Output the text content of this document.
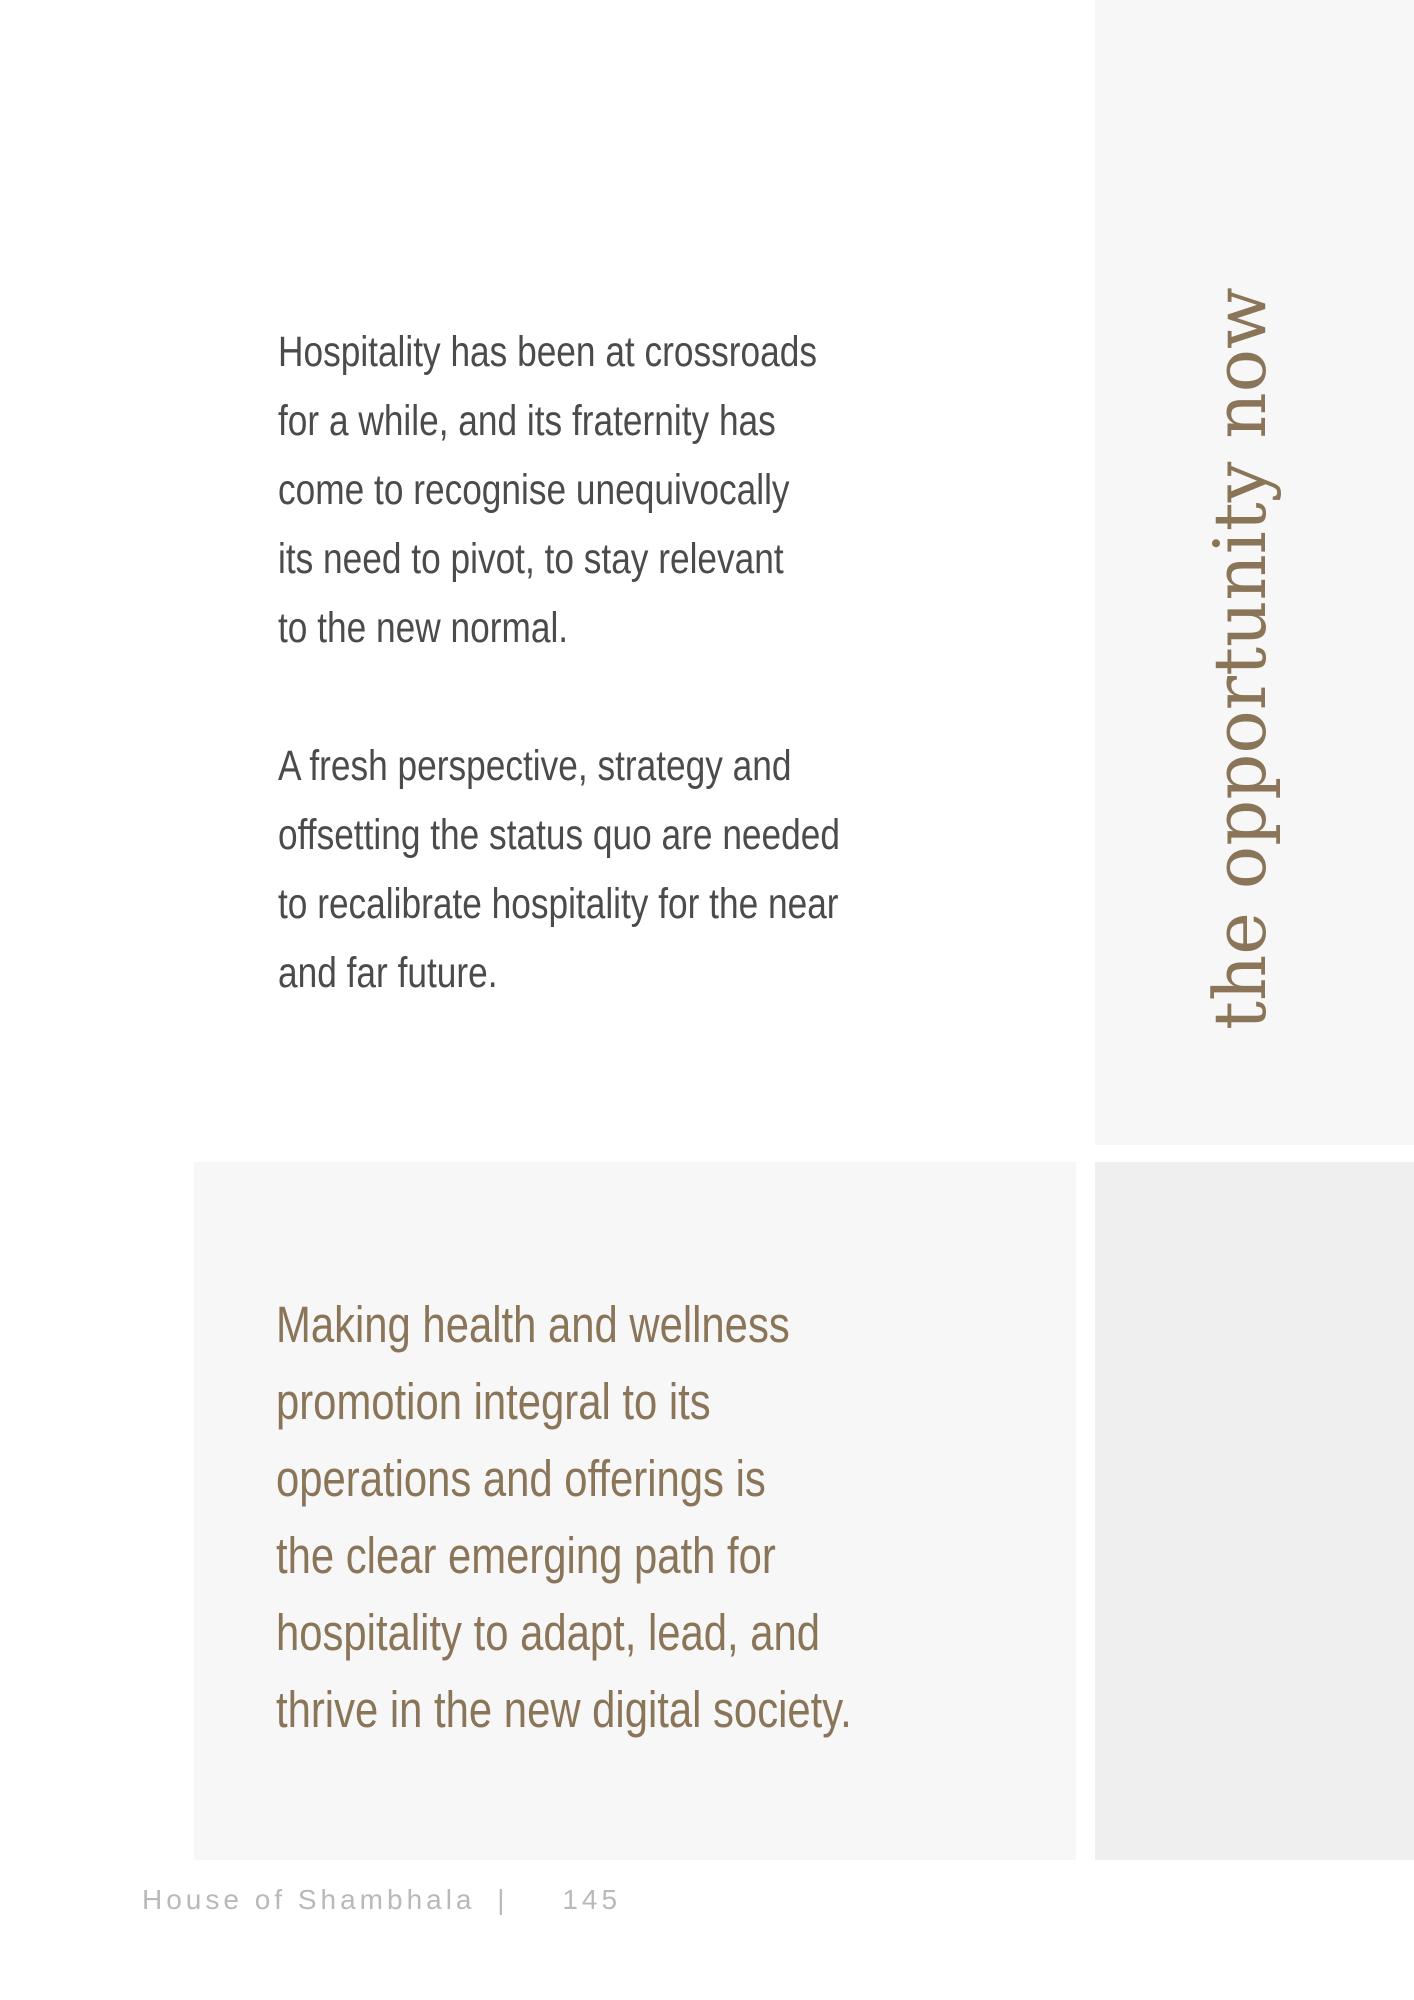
the opportunity now

Hospitality has been at crossroads
for a while, and its fraternity has
come to recognise unequivocally
its need to pivot, to stay relevant
to the new normal.

A fresh perspective, strategy and
offsetting the status quo are needed
to recalibrate hospitality for the near
and far future.

Making health and wellness
promotion integral to its
operations and offerings is
the clear emerging path for
hospitality to adapt, lead, and
thrive in the new digital society.

House of Shambhala | 145
